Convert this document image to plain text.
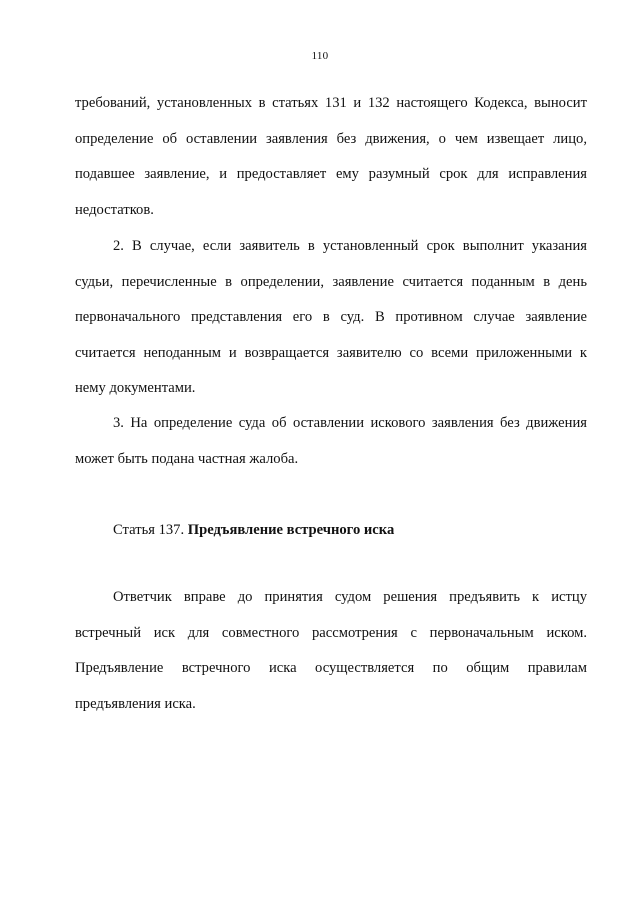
110
требований, установленных в статьях 131 и 132 настоящего Кодекса, выносит
определение об оставлении заявления без движения, о чем извещает лицо,
подавшее заявление, и предоставляет ему разумный срок для исправления
недостатков.
2. В случае, если заявитель в установленный срок выполнит указания
судьи, перечисленные в определении, заявление считается поданным в день
первоначального представления его в суд. В противном случае заявление
считается неподанным и возвращается заявителю со всеми приложенными к
нему документами.
3. На определение суда об оставлении искового заявления без движения
может быть подана частная жалоба.
Статья 137. Предъявление встречного иска
Ответчик вправе до принятия судом решения предъявить к истцу
встречный иск для совместного рассмотрения с первоначальным иском.
Предъявление встречного иска осуществляется по общим правилам
предъявления иска.
